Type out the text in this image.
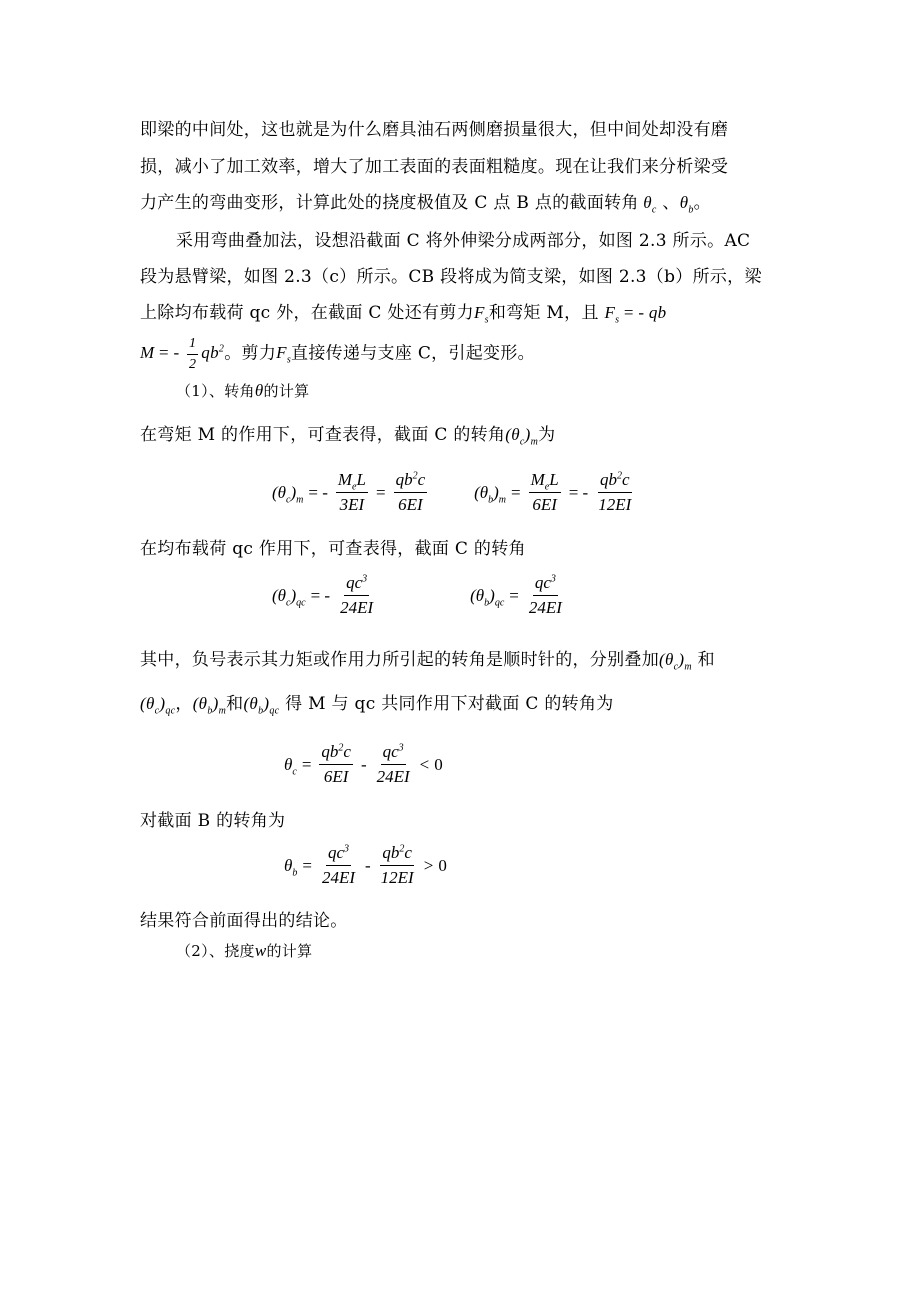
即梁的中间处，这也就是为什么磨具油石两侧磨损量很大，但中间处却没有磨
损，减小了加工效率，增大了加工表面的表面粗糙度。现在让我们来分析梁受
力产生的弯曲变形，计算此处的挠度极值及 C 点 B 点的截面转角 $\theta_c$ 、$\theta_b$。
采用弯曲叠加法，设想沿截面 C 将外伸梁分成两部分，如图 2.3 所示。AC
段为悬臂梁，如图 2.3（c）所示。CB 段将成为简支梁，如图 2.3（b）所示，梁
上除均布载荷 qc 外，在截面 C 处还有剪力$F_s$和弯矩 M，且 $F_s$ = - qb
M = - $\frac{1}{2} qb^2$。剪力$F_s$直接传递与支座 C，引起变形。
（1）、转角θ的计算
在弯矩 M 的作用下，可查表得，截面 C 的转角$(\theta_c)_m$为
$(\theta_c)_m$ = - $\frac{M_eL}{3EI} = \frac{qb^2c}{6EI}$	$(\theta_b)_m = \frac{M_eL}{6EI}$ = - $\frac{qb^2c}{12EI}$
在均布载荷 qc 作用下，可查表得，截面 C 的转角
$(\theta_c)_{qc}$ = - $\frac{qc^3}{24EI}$	$(\theta_b)_{qc} = \frac{qc^3}{24EI}$
其中，负号表示其力矩或作用力所引起的转角是顺时针的，分别叠加$(\theta_c)_m$ 和
$(\theta_c)_{qc}$，$(\theta_b)_m$和$(\theta_b)_{qc}$ 得 M 与 qc 共同作用下对截面 C 的转角为
$\theta_c = \frac{qb^2c}{6EI} - \frac{qc^3}{24EI} < 0$
对截面 B 的转角为
$\theta_b = \frac{qc^3}{24EI} - \frac{qb^2c}{12EI} > 0$
结果符合前面得出的结论。
（2）、挠度w的计算
